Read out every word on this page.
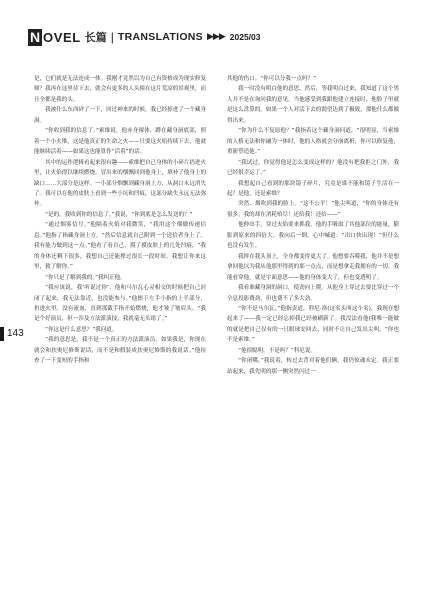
N OVEL 长篇 | TRANSLATIONS ▶▶▶ 2025/03

是，它们就是无法连成一体。我刚才竟然以为自己有资格成为现实修复师？我再在这里待下去，就会有更多的人头撞在这片荒凉的景观里，而且全都是我的头。

我被什么东西砰了一下，回过神来的时候，我已经掉进了一个藏身洞。

“你收到我的信息了。”索维说。他赤身裸体，蹲在藏身洞底部，照着一个小火堆，这是他真正的生命之火——只要这火焰持续下去，他就能继续活着——如果这也能算作“活着”的话。

其中的运作逻辑看起来很有趣——索维把自己身体的小碎片扔进火里，让火焰得以继续燃烧。冒出来的烟飘回到他身上，填补了他身上的缺口……大部分是这样。一小部分烟飘到藏身洞上方，从洞口永远消失了。我可以在他的皮肤上看到一些小坑和凹痕，这部分缺失永远无法弥补。

“是的，我收到你的信息了。”我说，“你到底是怎么发送的？”

“通过烟雾信号。”他隔着火焰对我微笑，“我用这个烟做传递信息。”他指了指藏身洞上方，“然后信息就自己附到一个送信者身上了。我有能力做到这一点。”他看了看自己，摸了摸皮肤上的几处凹痕，“我的身体还剩下很多，我想自己还能撑过很长一段时间。我想让你来这里，救了解你。”

“你只是了解到我的。”我纠正他。

“我应该说，我‘听说过你’。他和马尔瓦心灵相交的时候把自己封闭了起来，我无法靠近，也没能参与。”他擦下左手小指的上半部分，扔进火里。没有流血，直到那截手指开始燃烧，他才皱了皱眉头。“我是个好演员，但一涉及方法派演技，我就毫无头绪了。”

“你这是什么意思？”我问道。

“我的意思是，我不是一个真正的方法派演员。如果我是，你现在就会和扶奥尼修斯说话，而不是和假装成扶奥尼修斯的我说话。”他捡查了一下变短的手指和

其他的伤口。“你可以分我一点吗？”

我一时没有明白他的意思，然后，等我明白过来，我知道了这个男人并不是在询问我的意见。当他感受到我跟他建立连接时，他脸子里就是这么盘算的。如果一个人对活下去的渴望达到了极致，那他什么都做得出来。

“你为什么不复原他？”我指着这个藏身洞问道，“很明显，当索维的人格无法和你融为一体时，他的人格就会分崩离析，你可以修复他，重新塑造他。”

“我试过。你觉得他是怎么变成这样的？他没有把我拒之门外，我已经很幸运了。”

我想起自己看到的那块镜子碎片，究竟是谁不能和镜子生活在一起？是他，还是索维？

突然，烟吹到我的脸上。“这不公平！”他尖叫道，“你的身体还有很多，我的却在消耗殆尽！还给我！还给——”

他伸出手，穿过火焰要来抓我。他的手吸取了其他部位的能量，膨胀到原来的四倍大。我向后一倒，心中喊道：“出口快出现！”但什么也没有发生。

我摔在我头顶上，全身都变得更大了。他想要吞噬我，他并不是想拿回他以为我从他那里得到的那一点点，而是想拿走我拥有的一切。我能看穿他，就是字面意思——他的身体变大了，但也变透明了。

我看准藏身洞的洞口，使劲向上爬。从他身上穿过去要比穿过一个全息投影费劲，但也费不了多大劲。

“你不是马尔瓦。”他指责道，科尼·洛(这名头叫这个名)，我现在想起来了——我一定已经忘掉我已经被刷新了。我没法看他(我唯一能做的就是把自己仅有的一只眼球安回去，同时不让自己发出尖叫。“你也不是索维。”

“他很聪明，不是吗？”科尼说。

“你闭嘴。”我说着，转过去背对着他们俩，我仍惊魂未定。我正要站起来，我先明的那一侧突然闪过一

143
